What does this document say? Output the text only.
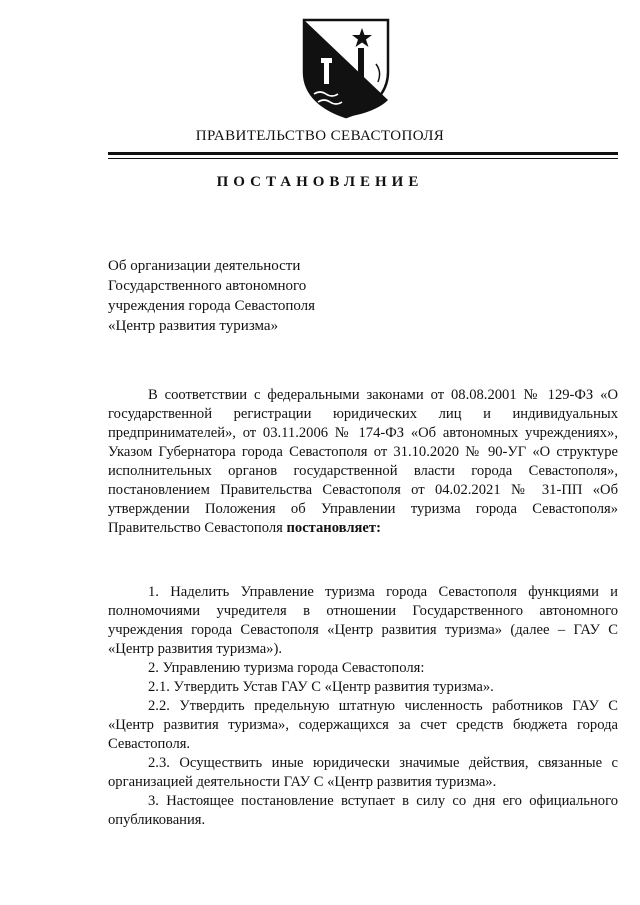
ПРАВИТЕЛЬСТВО СЕВАСТОПОЛЯ
ПОСТАНОВЛЕНИЕ
Об организации деятельности
Государственного автономного
учреждения города Севастополя
«Центр развития туризма»

В соответствии с федеральными законами от 08.08.2001 № 129-ФЗ «О государственной регистрации юридических лиц и индивидуальных предпринимателей», от 03.11.2006 № 174-ФЗ «Об автономных учреждениях», Указом Губернатора города Севастополя от 31.10.2020 № 90-УГ «О структуре исполнительных органов государственной власти города Севастополя», постановлением Правительства Севастополя от 04.02.2021 № 31-ПП «Об утверждении Положения об Управлении туризма города Севастополя» Правительство Севастополя постановляет:

1. Наделить Управление туризма города Севастополя функциями и полномочиями учредителя в отношении Государственного автономного учреждения города Севастополя «Центр развития туризма» (далее – ГАУ С «Центр развития туризма»).

2. Управлению туризма города Севастополя:

2.1. Утвердить Устав ГАУ С «Центр развития туризма».

2.2. Утвердить предельную штатную численность работников ГАУ С «Центр развития туризма», содержащихся за счет средств бюджета города Севастополя.

2.3. Осуществить иные юридически значимые действия, связанные с организацией деятельности ГАУ С «Центр развития туризма».

3. Настоящее постановление вступает в силу со дня его официального опубликования.
